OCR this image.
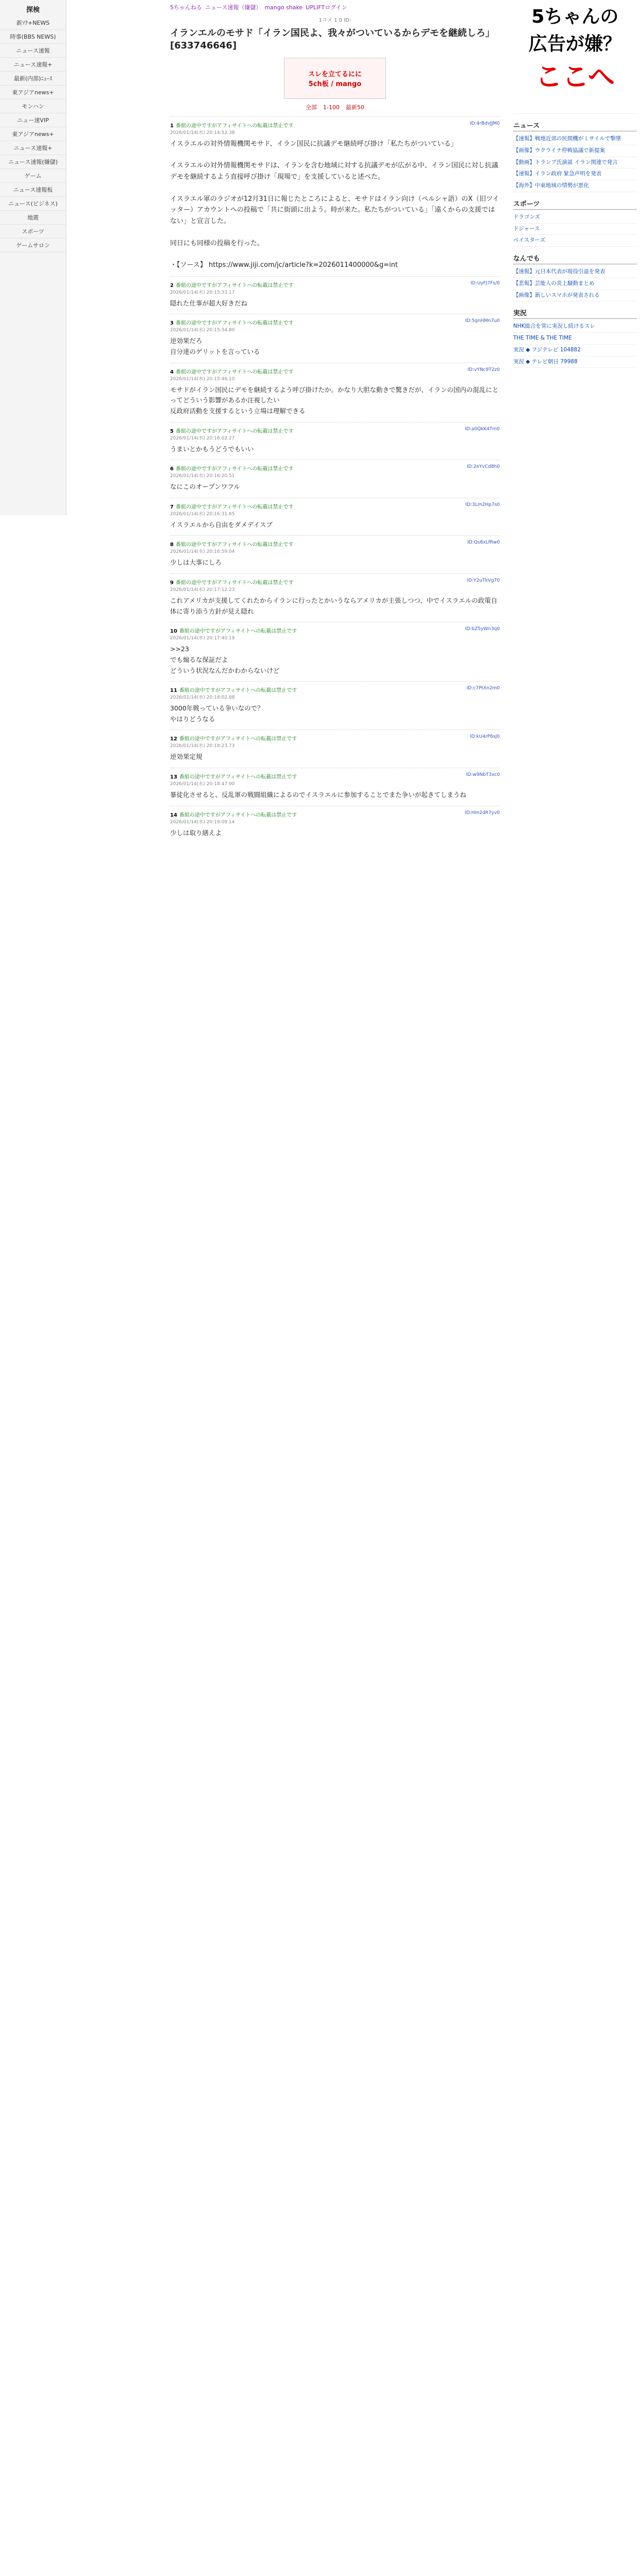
探検
新ｿｸ+NEWS
時事(BBS NEWS)
ニュース速報
ニュース速報+
最新(内部)ﾆｭｰｽ
東アジアnews+
モンハン
ニュー速VIP
東アジアnews+
ニュース速報+
ニュース速報(嫌儲)
ゲーム
ニュース速報板
ニュース(ビジネス)
地震
スポーツ
ゲームサロン
5ちゃんねる ニュース速報（嫌儲） mango shake UPLIFTログイン
1コメ 1 0 ID:
イランエルのモサド「イラン国民よ、我々がついているからデモを継続しろ」[633746646]
スレを立てるにに
5ch板 / mango
全部 1-100 最新50
1 番組の途中ですがアフィサイトへの転載は禁止です
2026/01/14(水) 20:14:52.38
ID:4rBdvJJM0
イスラエルの対外情報機関モサド、イラン国民に抗議デモ継続呼び掛け「私たちがついている」

イスラエルの対外情報機関モサドは、イランを含む地域に対する抗議デモが広がる中、イラン国民に対し抗議デモを継続するよう直接呼び掛け「現場で」を支援していると述べた。

イスラエル軍のラジオが12月31日に報じたところによると、モサドはイラン向け（ペルシャ語）のX（旧ツイッター）アカウントへの投稿で「共に街頭に出よう。時が来た。私たちがついている」「遠くからの支援ではない」と宣言した。

同日にも同様の投稿を行った。

・【ソース】 https://www.jiji.com/jc/article?k=2026011400000&g=int
2 番組の途中ですがアフィサイトへの転載は禁止です
2026/01/14(水) 20:15:33.17
ID:UyFJ7Fs/0
隠れた仕事が超大好きだね
3 番組の途中ですがアフィサイトへの転載は禁止です
2026/01/14(水) 20:15:34.80
ID:5qnHMn7u0
逆効果だろ
自分達のゲリットを言っている
4 番組の途中ですがアフィサイトへの転載は禁止です
2026/01/14(水) 20:15:46.10
ID:vYNc9T2z0
モサドがイラン国民にデモを継続するよう呼び掛けたか。かなり大胆な動きで驚きだが、イランの国内の混乱にとってどういう影響があるか注視したい
反政府活動を支援するという立場は理解できる
5 番組の途中ですがアフィサイトへの転載は禁止です
2026/01/14(水) 20:16:02.27
ID:a0QkK4Tm0
うまいとかもうどうでもいい
6 番組の途中ですがアフィサイトへの転載は禁止です
2026/01/14(水) 20:16:20.51
ID:2eYvCd8h0
なにこのオープンワフル
7 番組の途中ですがアフィサイトへの転載は禁止です
2026/01/14(水) 20:16:31.65
ID:3Lm2Hp7s0
イスラエルから自由をダメデイスブ
8 番組の途中ですがアフィサイトへの転載は禁止です
2026/01/14(水) 20:16:59.04
ID:Qs8xLfRw0
少しは大事にしろ
9 番組の途中ですがアフィサイトへの転載は禁止です
2026/01/14(水) 20:17:12.23
ID:Y2uTkVg70
これアメリカが支援してくれたからイランに行ったとかいうならアメリカが主張しつつ、中でイスラエルの政策自体に寄り添う方針が見え隠れ
10 番組の途中ですがアフィサイトへの転載は禁止です
2026/01/14(水) 20:17:40.19
ID:bZ5yWn3q0
>>23
でも煽るな保証だよ
どういう状況なんだかわからないけど
11 番組の途中ですがアフィサイトへの転載は禁止です
2026/01/14(水) 20:18:02.88
ID:c7PtXn2m0
3000年戦っている争いなので？
やはりどうなる
12 番組の途中ですがアフィサイトへの転載は禁止です
2026/01/14(水) 20:18:23.73
ID:kU4rP6sJ0
逆効果定規
13 番組の途中ですがアフィサイトへの転載は禁止です
2026/01/14(水) 20:18:47.90
ID:w9NbT3xc0
暴徒化させると、反乱軍の戦闘組織によるのでイスラエルに参加することでまた争いが起きてしまうね
14 番組の途中ですがアフィサイトへの転載は禁止です
2026/01/14(水) 20:19:09.14
ID:Hm2dR7yv0
少しは取り繕えよ
5ちゃんの
広告が嫌？
ここへ
ニュース
【速報】戦地近郊の民間機がミサイルで撃墜
【画像】ウクライナ停戦協議で新提案
【動画】トランプ氏演説 イラン関連で発言
【速報】イラン政府 緊急声明を発表
【海外】中東地域の情勢が悪化
スポーツ
ドラゴンズ
ドジャース
ベイスターズ
なんでも
【速報】元日本代表が現役引退を発表
【悲報】芸能人の炎上騒動まとめ
【画像】新しいスマホが発表される
実況
NHK総合を常に実況し続けるスレ
THE TIME & THE TIME
実況 ◆ フジテレビ 104882
実況 ◆ テレビ朝日 79988
